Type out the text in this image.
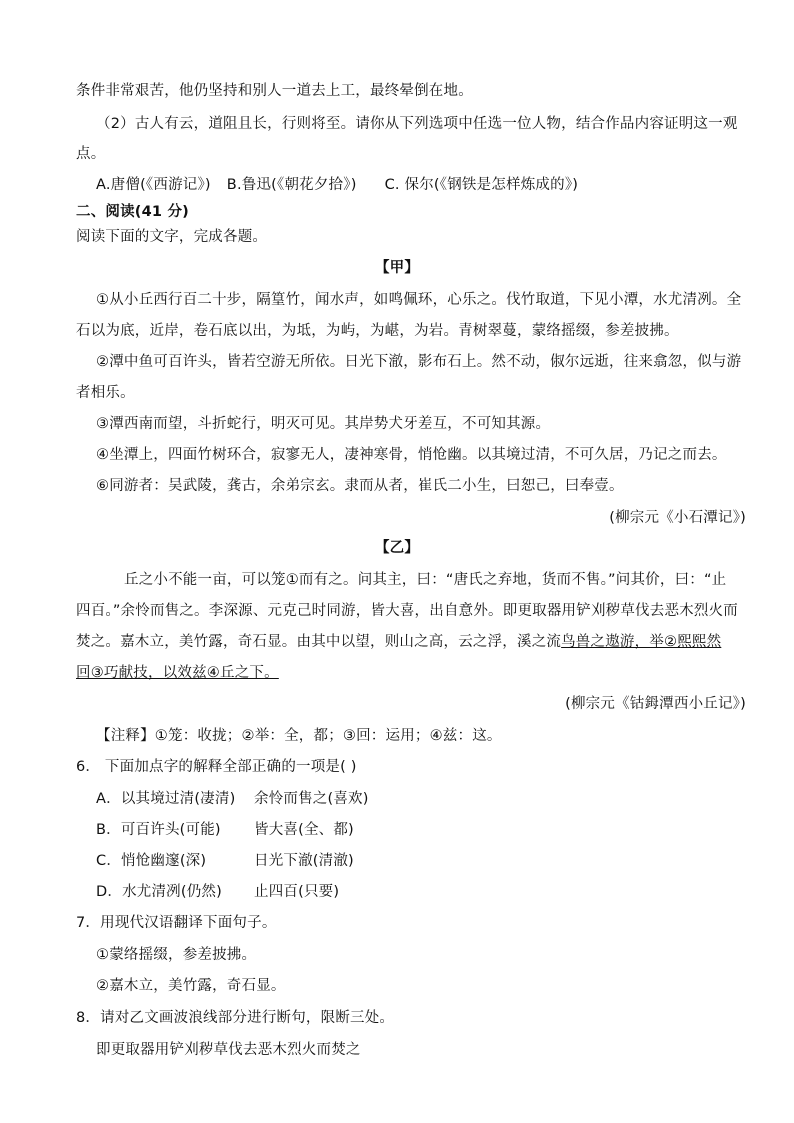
条件非常艰苦，他仍坚持和别人一道去上工，最终晕倒在地。
（2）古人有云，道阻且长，行则将至。请你从下列选项中任选一位人物，结合作品内容证明这一观
点。
A.唐僧(《西游记》) B.鲁迅(《朝花夕拾》) C. 保尔(《钢铁是怎样炼成的》)
二、阅读(41 分)
阅读下面的文字，完成各题。
【甲】
①从小丘西行百二十步，隔篁竹，闻水声，如鸣佩环，心乐之。伐竹取道，下见小潭，水尤清冽。全
石以为底，近岸，卷石底以出，为坻，为屿，为嵁，为岩。青树翠蔓，蒙络摇缀，参差披拂。
②潭中鱼可百许头，皆若空游无所依。日光下澈，影布石上。然不动，俶尔远逝，往来翕忽，似与游
者相乐。
③潭西南而望，斗折蛇行，明灭可见。其岸势犬牙差互，不可知其源。
④坐潭上，四面竹树环合，寂寥无人，凄神寒骨，悄怆幽。以其境过清，不可久居，乃记之而去。
⑥同游者：吴武陵，龚古，余弟宗玄。隶而从者，崔氏二小生，曰恕己，曰奉壹。
(柳宗元《小石潭记》)
【乙】
丘之小不能一亩，可以笼①而有之。问其主，曰：“唐氏之弃地，货而不售。”问其价，曰：“止
四百。”余怜而售之。李深源、元克己时同游，皆大喜，出自意外。即更取器用铲刈秽草伐去恶木烈火而
焚之。嘉木立，美竹露，奇石显。由其中以望，则山之高，云之浮，溪之流鸟兽之遨游，举②熙熙然
回③巧献技，以效兹④丘之下。
(柳宗元《钴鉧潭西小丘记》)
【注释】①笼：收拢；②举：全，都；③回：运用；④兹：这。
6． 下面加点字的解释全部正确的一项是( )
A．以其境过清(凄清) 余怜而售之(喜欢)
B．可百许头(可能) 皆大喜(全、都)
C．悄怆幽邃(深)	日光下澈(清澈)
D．水尤清冽(仍然) 止四百(只要)
7．用现代汉语翻译下面句子。
①蒙络摇缀，参差披拂。
②嘉木立，美竹露，奇石显。
8．请对乙文画波浪线部分进行断句，限断三处。
即更取器用铲刈秽草伐去恶木烈火而焚之
